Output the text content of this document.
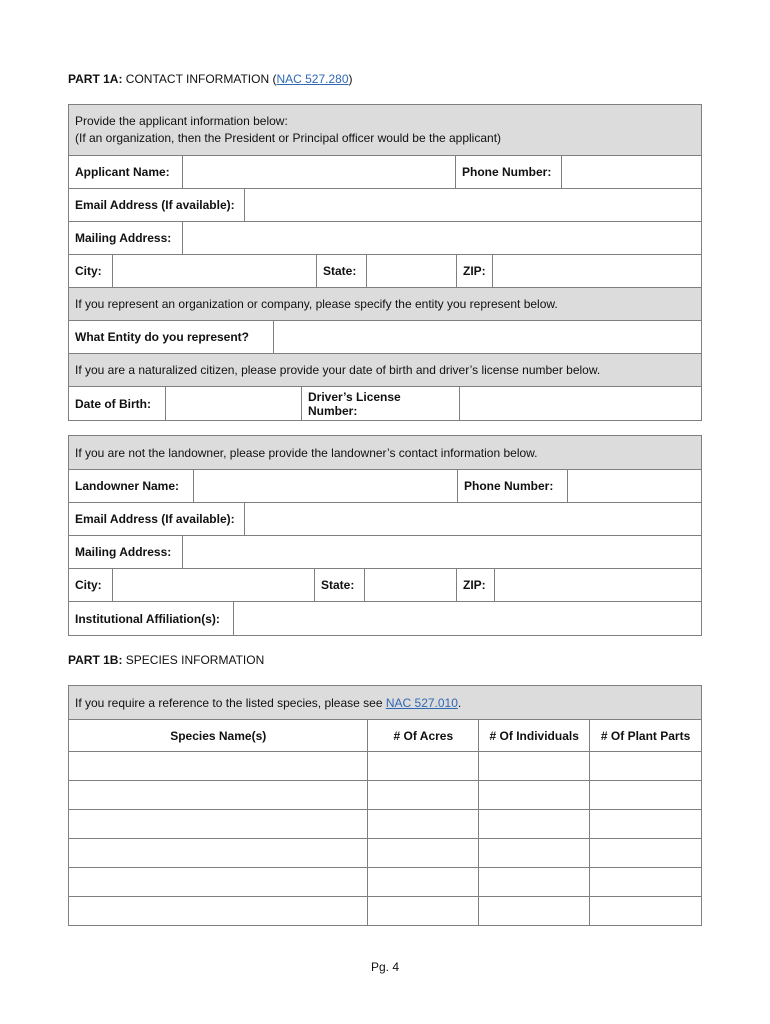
PART 1A: CONTACT INFORMATION (NAC 527.280)
Provide the applicant information below:
(If an organization, then the President or Principal officer would be the applicant)
Applicant Name:	Phone Number:
Email Address (If available):
Mailing Address:
City:	State:	ZIP:
If you represent an organization or company, please specify the entity you represent below.
What Entity do you represent?
If you are a naturalized citizen, please provide your date of birth and driver’s license number below.
Date of Birth:	Driver’s License Number:
If you are not the landowner, please provide the landowner’s contact information below.
Landowner Name:	Phone Number:
Email Address (If available):
Mailing Address:
City:	State:	ZIP:
Institutional Affiliation(s):
PART 1B: SPECIES INFORMATION
If you require a reference to the listed species, please see NAC 527.010.			
Species Name(s)	# Of Acres	# Of Individuals	# Of Plant Parts

Pg. 4
